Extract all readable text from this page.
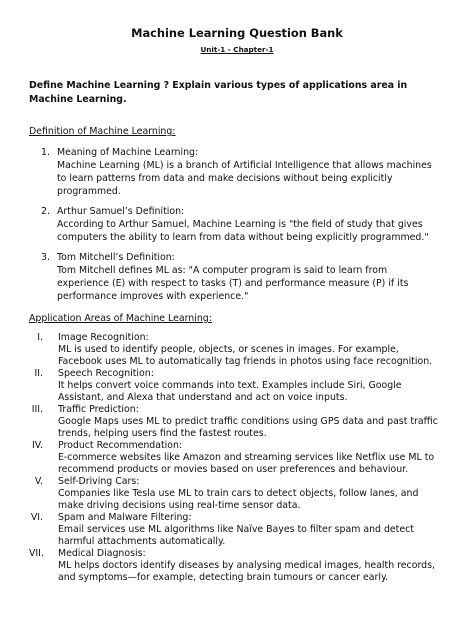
Machine Learning Question Bank
Unit-1 - Chapter-1
Define Machine Learning ? Explain various types of applications area in
Machine Learning.
Definition of Machine Learning:
1. Meaning of Machine Learning:
Machine Learning (ML) is a branch of Artificial Intelligence that allows machines
to learn patterns from data and make decisions without being explicitly
programmed.
2. Arthur Samuel’s Definition:
According to Arthur Samuel, Machine Learning is "the field of study that gives
computers the ability to learn from data without being explicitly programmed."
3. Tom Mitchell’s Definition:
Tom Mitchell defines ML as: "A computer program is said to learn from
experience (E) with respect to tasks (T) and performance measure (P) if its
performance improves with experience."
Application Areas of Machine Learning:
I. Image Recognition:
ML is used to identify people, objects, or scenes in images. For example,
Facebook uses ML to automatically tag friends in photos using face recognition.
II. Speech Recognition:
It helps convert voice commands into text. Examples include Siri, Google
Assistant, and Alexa that understand and act on voice inputs.
III. Traffic Prediction:
Google Maps uses ML to predict traffic conditions using GPS data and past traffic
trends, helping users find the fastest routes.
IV. Product Recommendation:
E-commerce websites like Amazon and streaming services like Netflix use ML to
recommend products or movies based on user preferences and behaviour.
V. Self-Driving Cars:
Companies like Tesla use ML to train cars to detect objects, follow lanes, and
make driving decisions using real-time sensor data.
VI. Spam and Malware Filtering:
Email services use ML algorithms like Naïve Bayes to filter spam and detect
harmful attachments automatically.
VII. Medical Diagnosis:
ML helps doctors identify diseases by analysing medical images, health records,
and symptoms—for example, detecting brain tumours or cancer early.
